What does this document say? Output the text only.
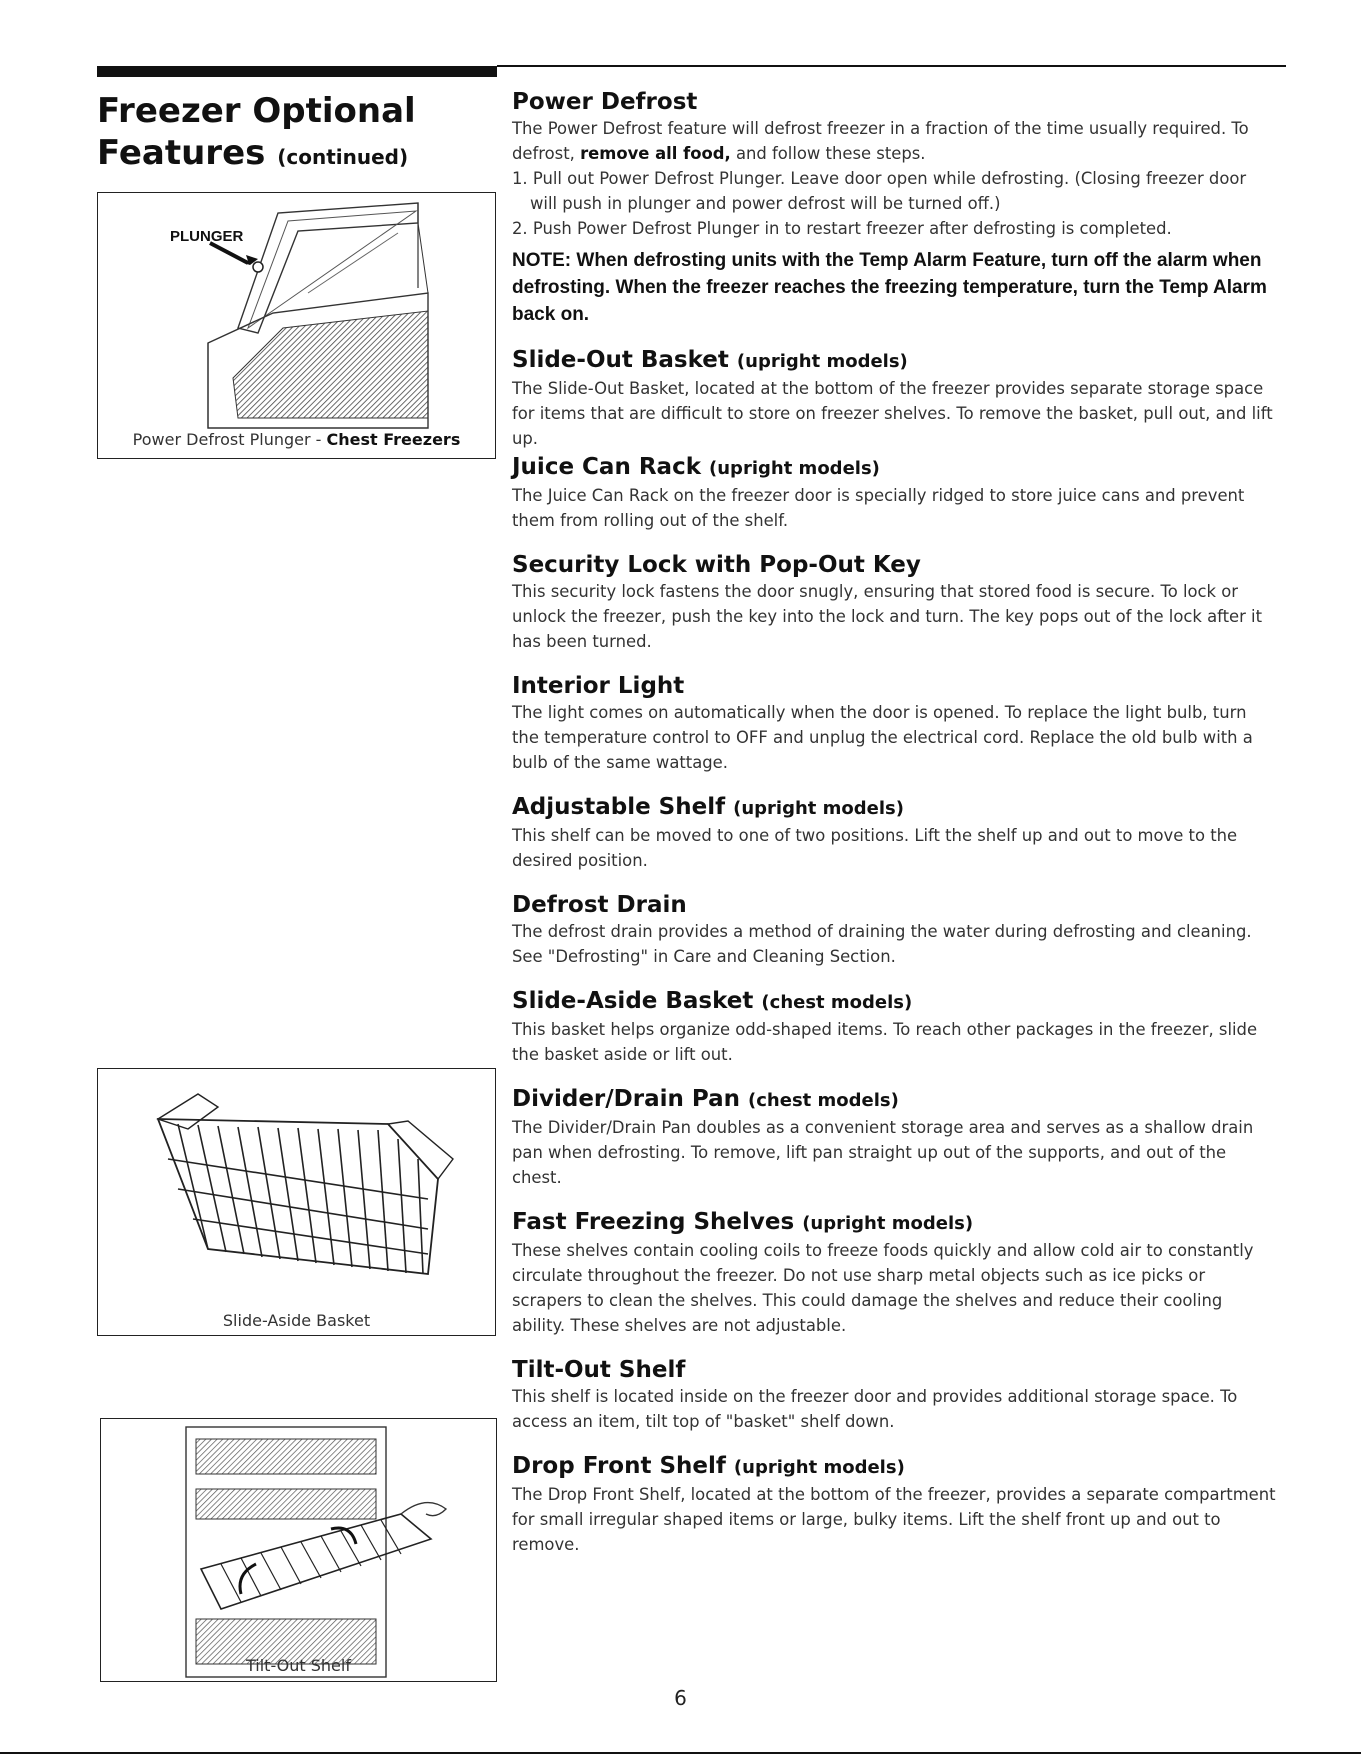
Freezer Optional
Features (continued)
PLUNGER
Power Defrost Plunger - Chest Freezers
Slide-Aside Basket
Tilt-Out Shelf
Power Defrost

The Power Defrost feature will defrost freezer in a fraction of the time usually required. To defrost, remove all food, and follow these steps.

1. Pull out Power Defrost Plunger. Leave door open while defrosting. (Closing freezer door will push in plunger and power defrost will be turned off.)
2. Push Power Defrost Plunger in to restart freezer after defrosting is completed.
NOTE: When defrosting units with the Temp Alarm Feature, turn off the alarm when defrosting. When the freezer reaches the freezing temperature, turn the Temp Alarm back on.
Slide-Out Basket (upright models)

The Slide-Out Basket, located at the bottom of the freezer provides separate storage space for items that are difficult to store on freezer shelves. To remove the basket, pull out, and lift up.

Juice Can Rack (upright models)

The Juice Can Rack on the freezer door is specially ridged to store juice cans and prevent them from rolling out of the shelf.

Security Lock with Pop-Out Key

This security lock fastens the door snugly, ensuring that stored food is secure. To lock or unlock the freezer, push the key into the lock and turn. The key pops out of the lock after it has been turned.

Interior Light

The light comes on automatically when the door is opened. To replace the light bulb, turn the temperature control to OFF and unplug the electrical cord. Replace the old bulb with a bulb of the same wattage.

Adjustable Shelf (upright models)

This shelf can be moved to one of two positions. Lift the shelf up and out to move to the desired position.

Defrost Drain

The defrost drain provides a method of draining the water during defrosting and cleaning. See "Defrosting" in Care and Cleaning Section.

Slide-Aside Basket (chest models)

This basket helps organize odd-shaped items. To reach other packages in the freezer, slide the basket aside or lift out.

Divider/Drain Pan (chest models)

The Divider/Drain Pan doubles as a convenient storage area and serves as a shallow drain pan when defrosting. To remove, lift pan straight up out of the supports, and out of the chest.

Fast Freezing Shelves (upright models)

These shelves contain cooling coils to freeze foods quickly and allow cold air to constantly circulate throughout the freezer. Do not use sharp metal objects such as ice picks or scrapers to clean the shelves. This could damage the shelves and reduce their cooling ability. These shelves are not adjustable.

Tilt-Out Shelf

This shelf is located inside on the freezer door and provides additional storage space. To access an item, tilt top of "basket" shelf down.

Drop Front Shelf (upright models)

The Drop Front Shelf, located at the bottom of the freezer, provides a separate compartment for small irregular shaped items or large, bulky items. Lift the shelf front up and out to remove.

6
